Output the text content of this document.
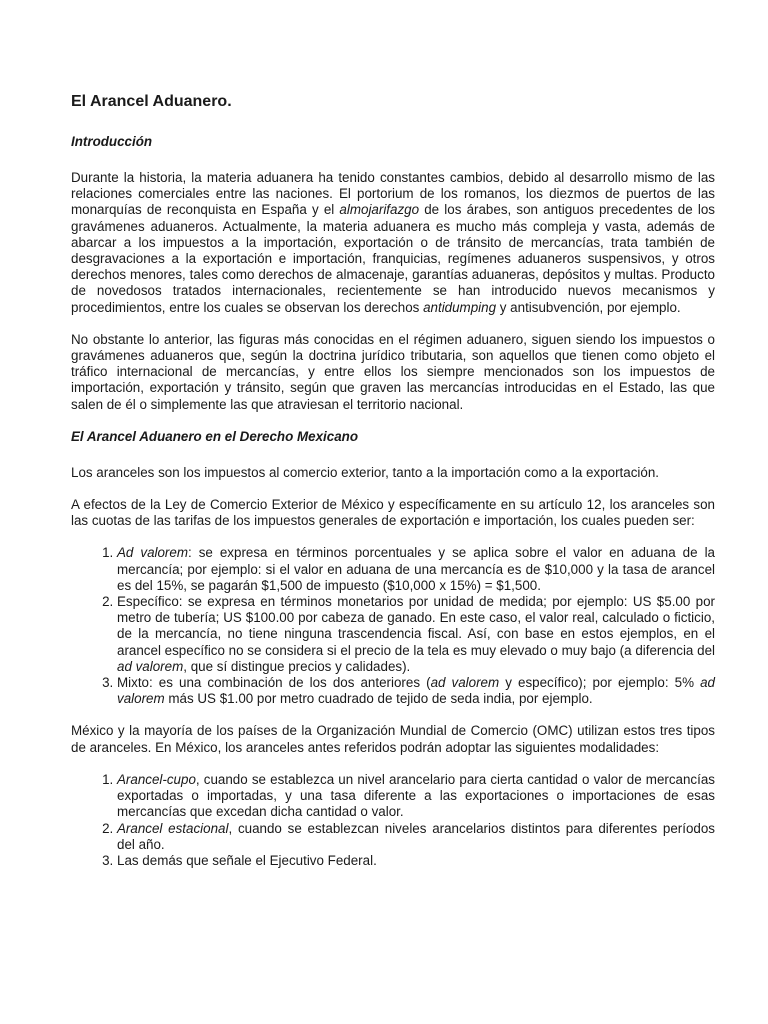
El Arancel Aduanero.
Introducción

Durante la historia, la materia aduanera ha tenido constantes cambios, debido al desarrollo mismo de las relaciones comerciales entre las naciones. El portorium de los romanos, los diezmos de puertos de las monarquías de reconquista en España y el almojarifazgo de los árabes, son antiguos precedentes de los gravámenes aduaneros. Actualmente, la materia aduanera es mucho más compleja y vasta, además de abarcar a los impuestos a la importación, exportación o de tránsito de mercancías, trata también de desgravaciones a la exportación e importación, franquicias, regímenes aduaneros suspensivos, y otros derechos menores, tales como derechos de almacenaje, garantías aduaneras, depósitos y multas. Producto de novedosos tratados internacionales, recientemente se han introducido nuevos mecanismos y procedimientos, entre los cuales se observan los derechos antidumping y antisubvención, por ejemplo.

No obstante lo anterior, las figuras más conocidas en el régimen aduanero, siguen siendo los impuestos o gravámenes aduaneros que, según la doctrina jurídico tributaria, son aquellos que tienen como objeto el tráfico internacional de mercancías, y entre ellos los siempre mencionados son los impuestos de importación, exportación y tránsito, según que graven las mercancías introducidas en el Estado, las que salen de él o simplemente las que atraviesan el territorio nacional.

El Arancel Aduanero en el Derecho Mexicano

Los aranceles son los impuestos al comercio exterior, tanto a la importación como a la exportación.

A efectos de la Ley de Comercio Exterior de México y específicamente en su artículo 12, los aranceles son las cuotas de las tarifas de los impuestos generales de exportación e importación, los cuales pueden ser:

1. Ad valorem: se expresa en términos porcentuales y se aplica sobre el valor en aduana de la mercancía; por ejemplo: si el valor en aduana de una mercancía es de $10,000 y la tasa de arancel es del 15%, se pagarán $1,500 de impuesto ($10,000 x 15%) = $1,500.
2. Específico: se expresa en términos monetarios por unidad de medida; por ejemplo: US $5.00 por metro de tubería; US $100.00 por cabeza de ganado. En este caso, el valor real, calculado o ficticio, de la mercancía, no tiene ninguna trascendencia fiscal. Así, con base en estos ejemplos, en el arancel específico no se considera si el precio de la tela es muy elevado o muy bajo (a diferencia del ad valorem, que sí distingue precios y calidades).
3. Mixto: es una combinación de los dos anteriores (ad valorem y específico); por ejemplo: 5% ad valorem más US $1.00 por metro cuadrado de tejido de seda india, por ejemplo.

México y la mayoría de los países de la Organización Mundial de Comercio (OMC) utilizan estos tres tipos de aranceles. En México, los aranceles antes referidos podrán adoptar las siguientes modalidades:

1. Arancel-cupo, cuando se establezca un nivel arancelario para cierta cantidad o valor de mercancías exportadas o importadas, y una tasa diferente a las exportaciones o importaciones de esas mercancías que excedan dicha cantidad o valor.
2. Arancel estacional, cuando se establezcan niveles arancelarios distintos para diferentes períodos del año.
3. Las demás que señale el Ejecutivo Federal.
